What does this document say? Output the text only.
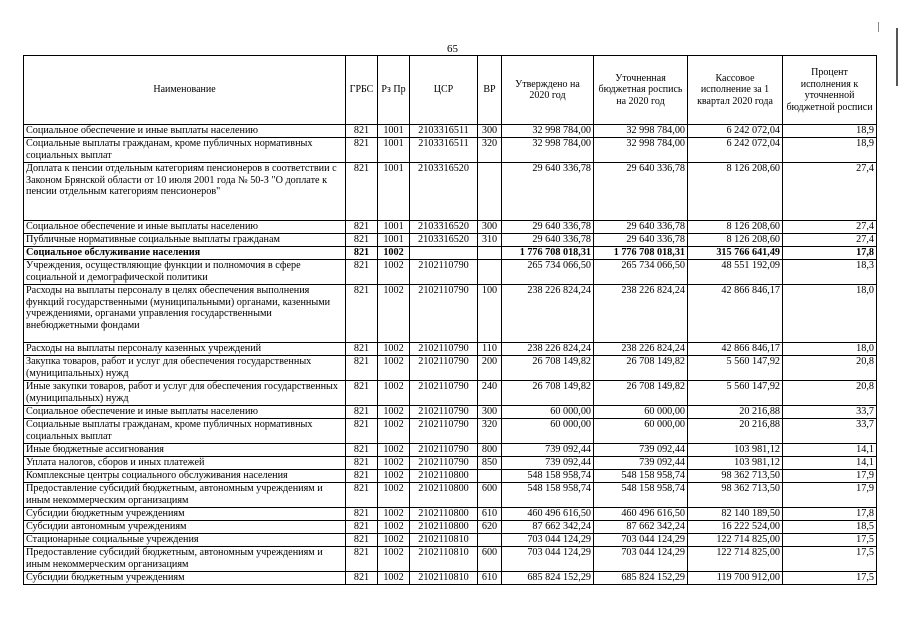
65
Наименование	ГРБС	Рз Пр	ЦСР	ВР	Утверждено на 2020 год	Уточненная бюджетная роспись на 2020 год	Кассовое исполнение за 1 квартал 2020 года	Процент исполнения к уточненной бюджетной росписи
Социальное обеспечение и иные выплаты населению	821	1001	2103316511	300	32 998 784,00	32 998 784,00	6 242 072,04	18,9
Социальные выплаты гражданам, кроме публичных нормативных социальных выплат	821	1001	2103316511	320	32 998 784,00	32 998 784,00	6 242 072,04	18,9
Доплата к пенсии отдельным категориям пенсионеров в соответствии с Законом Брянской области от 10 июля 2001 года № 50-З "О доплате к пенсии отдельным категориям пенсионеров"	821	1001	2103316520		29 640 336,78	29 640 336,78	8 126 208,60	27,4
Социальное обеспечение и иные выплаты населению	821	1001	2103316520	300	29 640 336,78	29 640 336,78	8 126 208,60	27,4
Публичные нормативные социальные выплаты гражданам	821	1001	2103316520	310	29 640 336,78	29 640 336,78	8 126 208,60	27,4
Социальное обслуживание населения	821	1002			1 776 708 018,31	1 776 708 018,31	315 766 641,49	17,8
Учреждения, осуществляющие функции и полномочия в сфере социальной и демографической политики	821	1002	2102110790		265 734 066,50	265 734 066,50	48 551 192,09	18,3
Расходы на выплаты персоналу в целях обеспечения выполнения функций государственными (муниципальными) органами, казенными учреждениями, органами управления государственными внебюджетными фондами	821	1002	2102110790	100	238 226 824,24	238 226 824,24	42 866 846,17	18,0
Расходы на выплаты персоналу казенных учреждений	821	1002	2102110790	110	238 226 824,24	238 226 824,24	42 866 846,17	18,0
Закупка товаров, работ и услуг для обеспечения государственных (муниципальных) нужд	821	1002	2102110790	200	26 708 149,82	26 708 149,82	5 560 147,92	20,8
Иные закупки товаров, работ и услуг для обеспечения государственных (муниципальных) нужд	821	1002	2102110790	240	26 708 149,82	26 708 149,82	5 560 147,92	20,8
Социальное обеспечение и иные выплаты населению	821	1002	2102110790	300	60 000,00	60 000,00	20 216,88	33,7
Социальные выплаты гражданам, кроме публичных нормативных социальных выплат	821	1002	2102110790	320	60 000,00	60 000,00	20 216,88	33,7
Иные бюджетные ассигнования	821	1002	2102110790	800	739 092,44	739 092,44	103 981,12	14,1
Уплата налогов, сборов и иных платежей	821	1002	2102110790	850	739 092,44	739 092,44	103 981,12	14,1
Комплексные центры социального обслуживания населения	821	1002	2102110800		548 158 958,74	548 158 958,74	98 362 713,50	17,9
Предоставление субсидий бюджетным, автономным учреждениям и иным некоммерческим организациям	821	1002	2102110800	600	548 158 958,74	548 158 958,74	98 362 713,50	17,9
Субсидии бюджетным учреждениям	821	1002	2102110800	610	460 496 616,50	460 496 616,50	82 140 189,50	17,8
Субсидии автономным учреждениям	821	1002	2102110800	620	87 662 342,24	87 662 342,24	16 222 524,00	18,5
Стационарные социальные учреждения	821	1002	2102110810		703 044 124,29	703 044 124,29	122 714 825,00	17,5
Предоставление субсидий бюджетным, автономным учреждениям и иным некоммерческим организациям	821	1002	2102110810	600	703 044 124,29	703 044 124,29	122 714 825,00	17,5
Субсидии бюджетным учреждениям	821	1002	2102110810	610	685 824 152,29	685 824 152,29	119 700 912,00	17,5
